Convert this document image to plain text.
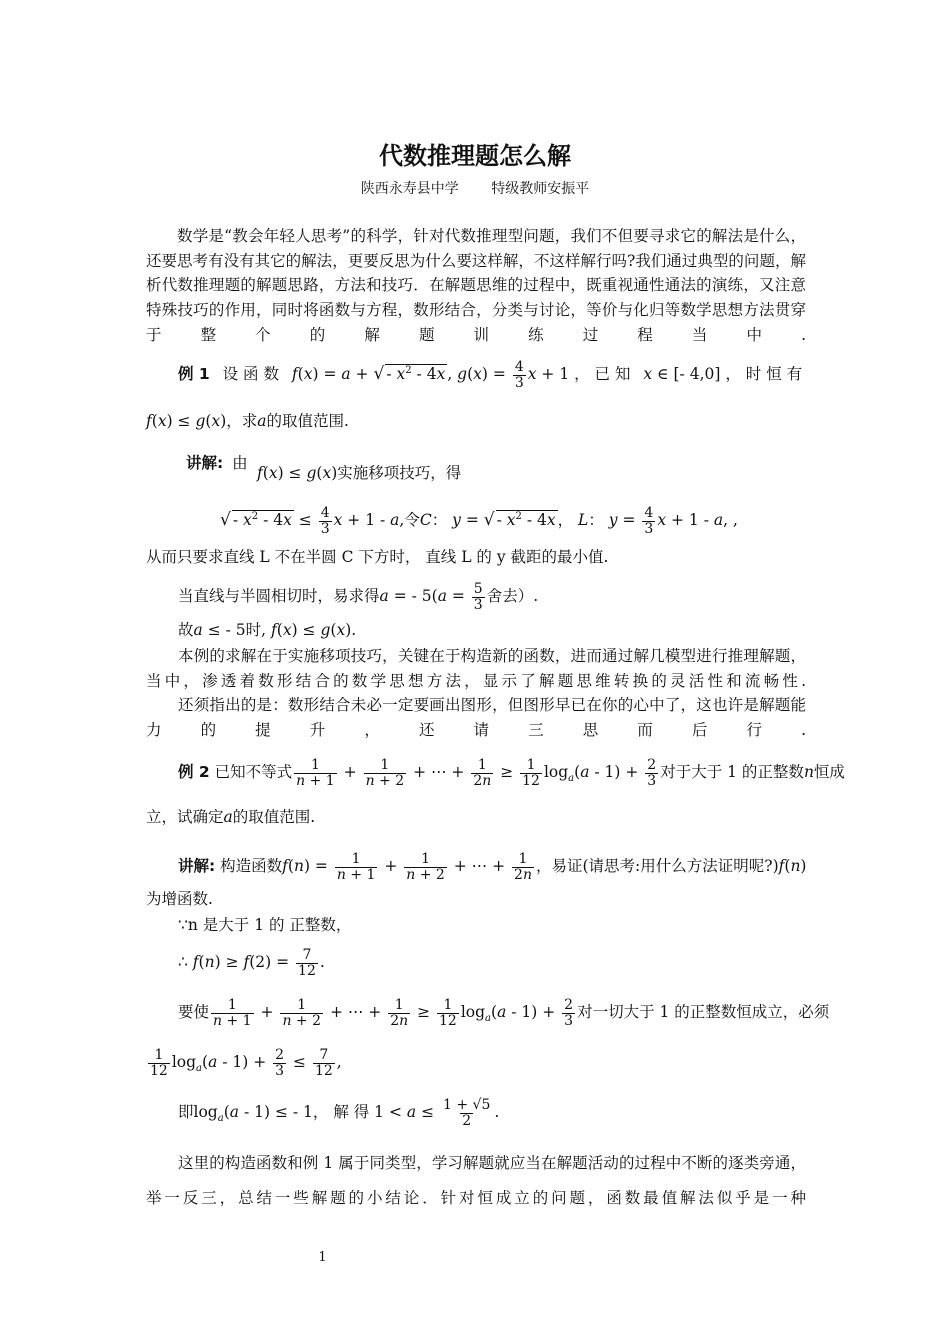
代数推理题怎么解
陕西永寿县中学 特级教师安振平
数学是“教会年轻人思考”的科学，针对代数推理型问题，我们不但要寻求它的解法是什么，还要思考有没有其它的解法，更要反思为什么要这样解，不这样解行吗?我们通过典型的问题，解析代数推理题的解题思路，方法和技巧．在解题思维的过程中，既重视通性通法的演练，又注意特殊技巧的作用，同时将函数与方程，数形结合，分类与讨论，等价与化归等数学思想方法贯穿于整个的解题训练过程当中.
例 1 设 函 数 f(x) = a + √ - $x^2 - 4x$ , $g(x) = \frac{4}{3}$ x + 1 ， 已 知 x ∈ [- 4,0] ， 时 恒 有
f(x) ≤ g(x)，求a的取值范围.
讲解: 由
f(x) ≤ g(x)实施移项技巧，得
√ - $x^2 - 4x \le \frac{4}{3}$ x + 1 - a,令C： y = √ - $x^2 - 4x$ ， L： $y = \frac{4}{3}$ x + 1 - a, ,
从而只要求直线 L 不在半圆 C 下方时， 直线 L 的 y 截距的最小值.
当直线与半圆相切时，易求得a = - $5(a = \frac{5}{3}$ 舍去）.
故a ≤ - 5时, f(x) ≤ g(x).
本例的求解在于实施移项技巧，关键在于构造新的函数，进而通过解几模型进行推理解题，当中，渗透着数形结合的数学思想方法，显示了解题思维转换的灵活性和流畅性.
还须指出的是：数形结合未必一定要画出图形，但图形早已在你的心中了，这也许是解题能力的提升，还请三思而后行.
例 2 已知不等式 $\frac{1}{n + 1} + \frac{1}{n + 2}$ + ⋯ + $\frac{1}{2n} \ge \frac{1}{12} \log_a(a - 1) + \frac{2}{3}$ 对于大于 1 的正整数n恒成
立，试确定a的取值范围.
讲解: 构造函数$f(n) = \frac{1}{n + 1} + \frac{1}{n + 2}$ + ⋯ + $\frac{1}{2n}$ ，易证(请思考:用什么方法证明呢?)f(n)
为增函数.
∵n 是大于 1 的 正整数，
∴ $f(n) \ge f(2) = \frac{7}{12}$ .
要使 $\frac{1}{n + 1} + \frac{1}{n + 2}$ + ⋯ + $\frac{1}{2n} \ge \frac{1}{12} \log_a(a - 1) + \frac{2}{3}$ 对一切大于 1 的正整数恒成立，必须
$\frac{1}{12} \log_a(a - 1) + \frac{2}{3} \le \frac{7}{12}$ ,
即$\log_a(a - 1)$ ≤ - 1， 解 得 $1 < a \le \frac{1 + √5}{2}$ .
这里的构造函数和例 1 属于同类型，学习解题就应当在解题活动的过程中不断的逐类旁通，举一反三，总结一些解题的小结论．针对恒成立的问题，函数最值解法似乎是一种
1
